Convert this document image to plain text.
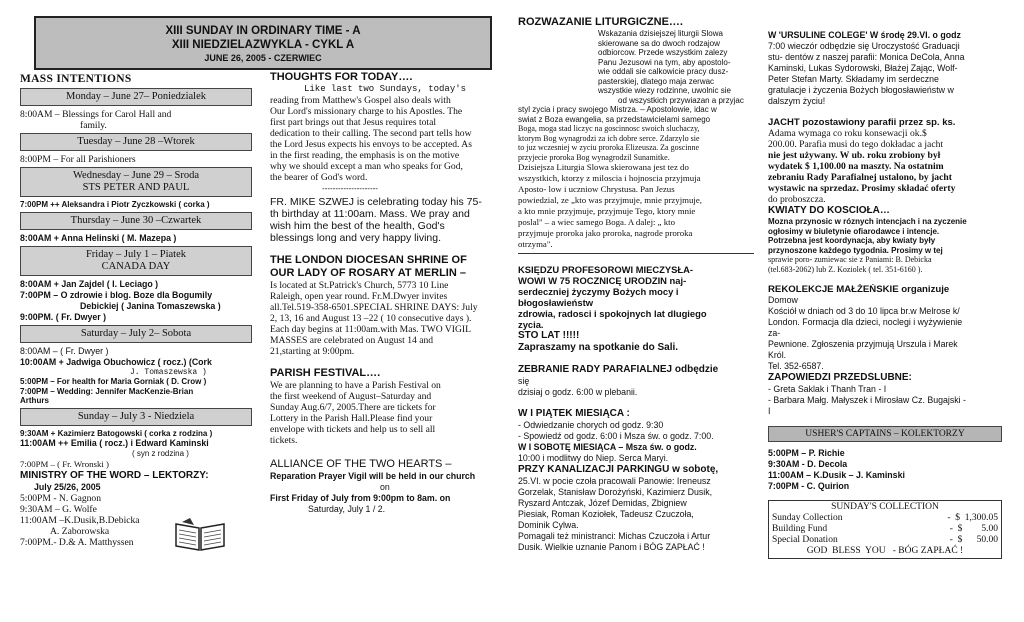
XIII SUNDAY IN ORDINARY TIME - A
XIII NIEDZIELAZWYKLA - CYKL A
JUNE 26, 2005 - CZERWIEC
MASS INTENTIONS
Monday – June 27– Poniedzialek
8:00AM – Blessings for Carol Hall and
family.
Tuesday – June 28 –Wtorek
8:00PM – For all Parishioners
Wednesday – June 29 – Sroda
STS PETER AND PAUL
7:00PM ++ Aleksandra i Piotr Zyczkowski ( corka )
Thursday – June 30 –Czwartek
8:00AM + Anna Helinski ( M. Mazepa )
Friday – July 1 – Piatek
CANADA DAY
8:00AM + Jan Zajdel ( I. Leciago )
7:00PM – O zdrowie i blog. Boze dla Bogumily
Debickiej ( Janina Tomaszewska )
9:00PM. ( Fr. Dwyer )
Saturday – July 2– Sobota
8:00AM – ( Fr. Dwyer )
10:00AM + Jadwiga Obuchowicz ( rocz.) (Cork
J. Tomaszewska )
5:00PM – For health for Maria Gorniak ( D. Crow )
7:00PM – Wedding: Jennifer MacKenzie-Brian
Arthurs
Sunday – July 3 - Niedziela
9:30AM + Kazimierz Batogowski ( corka z rodzina )
11:00AM ++ Emilia ( rocz.) i Edward Kaminski
( syn z rodzina )
7:00PM – ( Fr. Wronski )
MINISTRY OF THE WORD – LEKTORZY:
July 25/26, 2005
5:00PM - N. Gagnon
9:30AM – G. Wolfe
11:00AM –K.Dusik,B.Debicka
A. Zaborowska
7:00PM.- D.& A. Matthyssen
THOUGHTS FOR TODAY….
Like last two Sundays, today's
reading from Matthew's Gospel also deals with
Our Lord's missionary charge to his Apostles. The
first part brings out that Jesus requires total
dedication to their calling. The second part tells how
the Lord Jesus expects his envoys to be accepted. As
in the first reading, the emphasis is on the motive
why we should except a man who speaks for God,
the bearer of God's word.
---------------------
FR. MIKE SZWEJ is celebrating today his 75-
th birthday at 11:00am. Mass. We pray and
wish him the best of the health, God's
blessings long and very happy living.
THE LONDON DIOCESAN SHRINE OF
OUR LADY OF ROSARY AT MERLIN –
Is located at St.Patrick's Church, 5773 10 Line
Raleigh, open year round. Fr.M.Dwyer invites
all.Tel.519-358-6501.SPECIAL SHRINE DAYS: July
2, 13, 16 and August 13 –22 ( 10 consecutive days ).
Each day begins at 11:00am.with Mas. TWO VIGIL
MASSES are celebrated on August 14 and
21,starting at 9:00pm.
PARISH FESTIVAL….
We are planning to have a Parish Festival on
the first weekend of August–Saturday and
Sunday Aug.6/7, 2005.There are tickets for
Lottery in the Parish Hall.Please find your
envelope with tickets and help us to sell all
tickets.
ALLIANCE OF THE TWO HEARTS –
Reparation Prayer Vigil will be held in our church
on
First Friday of July from 9:00pm to 8am. on
Saturday, July 1 / 2.
ROZWAZANIE LITURGICZNE….
Wskazania dzisiejszej liturgii Slowa
skierowane sa do dwoch rodzajow
odbiorcow. Przede wszystkim zalezy
Panu Jezusowi na tym, aby apostolo-
wie oddali sie calkowicie pracy dusz-
pasterskiej, dlatego maja zerwac
wszystkie wiezy rodzinne, uwolnic sie
od wszystkich przywiazan a przyjac
styl zycia i pracy swojego Mistrza. – Apostolowie, idac w
swiat z Boza ewangelia, sa przedstawicielami samego
Boga, moga stad liczyc na goscinnosc swoich sluchaczy,
ktorym Bog wynagrodzi za ich dobre serce. Zdarzylo sie
to juz wczesniej w zyciu proroka Elizeusza. Za goscinne
przyjecie proroka Bog wynagrodzil Sunamitke.
Dzisiejsza Liturgia Slowa skierowana jest tez do
wszystkich, ktorzy z miloscia i hojnoscia przyjmuja
Aposto- low i uczniow Chrystusa. Pan Jezus
powiedzial, ze „kto was przyjmuje, mnie przyjmuje,
a kto mnie przyjmuje, przyjmuje Tego, ktory mnie
poslal" – a wiec samego Boga. A dalej: „ kto
przyjmuje proroka jako proroka, nagrode proroka
otrzyma".
KSIĘDZU PROFESOROWI MIECZYSŁA-
WOWI W 75 ROCZNICĘ URODZIN naj-
serdeczniej życzymy Bożych mocy i
błogosławieństw
zdrowia, radosci i spokojnych lat dlugiego
zycia.
STO LAT !!!!!
Zapraszamy na spotkanie do Sali.
ZEBRANIE RADY PARAFIALNEJ odbędzie
się
dzisiaj o godz. 6:00 w plebanii.
W I PIĄTEK MIESIĄCA :
- Odwiedzanie chorych od godz. 9:30
- Spowiedź od godz. 6:00 i Msza św. o godz. 7:00.
W I SOBOTĘ MIESIĄCA – Msza św. o godz.
10:00 i modlitwy do Niep. Serca Maryi.
PRZY KANALIZACJI PARKINGU w sobotę,
25.VI. w pocie czoła pracowali Panowie: Ireneusz
Gorzelak, Stanisław Dorożyński, Kazimierz Dusik,
Ryszard Antczak, Józef Demidas, Zbigniew
Piesiak, Roman Koziołek, Tadeusz Czuczoła,
Dominik Cylwa.
Pomagali też ministranci: Michas Czuczoła i Artur
Dusik. Wielkie uznanie Panom i BÓG ZAPŁAĆ !
W 'URSULINE COLEGE' W środę 29.VI. o godz
7:00 wieczór odbędzie się Uroczystość Graduacji
stu- dentów z naszej parafii: Monica DeCola, Anna
Kaminski, Lukas Sydorowski, Błażej Zając, Wolf-
Peter Stefan Marty. Składamy im serdeczne
gratulacje i życzenia Bożych błogosławieństw w
dalszym życiu!
JACHT pozostawiony parafii przez sp. ks.
Adama wymaga co roku konsewacji ok.$
200.00. Parafia musi do tego dokładac a jacht
nie jest używany. W ub. roku zrobiony był
wydatek $ 1,100.00 na maszty. Na ostatnim
zebraniu Rady Parafialnej ustalono, by jacht
wystawic na sprzedaz. Prosimy składać oferty
do proboszcza.
KWIATY DO KOSCIOŁA…
Mozna przynosic w róznych intencjach i na zyczenie
ogłosimy w biuletynie ofiarodawce i intencje.
Potrzebna jest koordynacja, aby kwiaty były
przynoszone każdego tygodnia. Prosimy w tej
sprawie poro- zumiewac sie z Paniami: B. Debicka
(tel.683-2062) lub Z. Koziolek ( tel. 351-6160 ).
REKOLEKCJE MAŁŻEŃSKIE organizuje
Domow
Kościół w dniach od 3 do 10 lipca br.w Melrose k/
London. Formacja dla dzieci, noclegi i wyżywienie
za-
Pewnione. Zgłoszenia przyjmują Urszula i Marek
Król.
Tel. 352-6587.
ZAPOWIEDZI PRZEDŚLUBNE:
- Greta Saklak i Thanh Tran - I
- Barbara Małg. Małyszek i Mirosław Cz. Bugajski -
I
USHER'S CAPTAINS – KOLEKTORZY
5:00PM – P. Richie
9:30AM - D. Decola
11:00AM – K.Dusik – J. Kaminski
7:00PM - C. Quirion
SUNDAY'S COLLECTION
Sunday Collection	-  $  1,300.05
Building Fund	-  $        5.00
Special Donation	-  $      50.00
GOD  BLESS  YOU   - BÓG ZAPŁAĆ !
